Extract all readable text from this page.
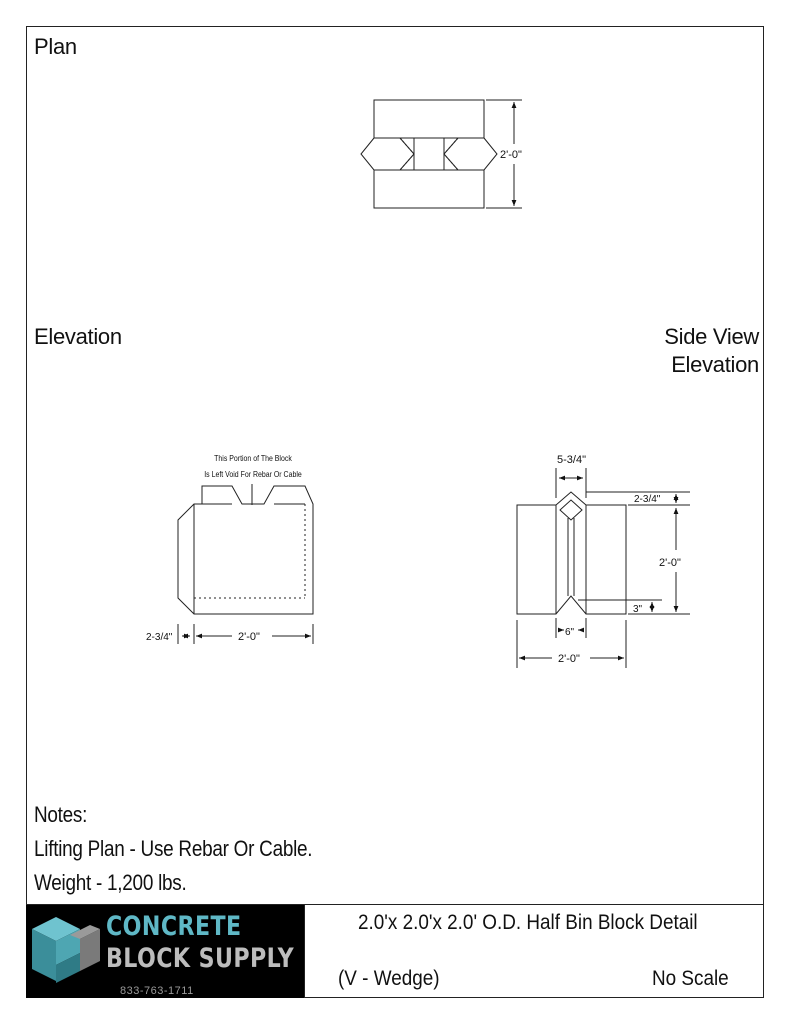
Plan
Elevation	Side View
Elevation
2'-0"
This Portion of The Block
Is Left Void For Rebar Or Cable
2-3/4"	2'-0"
5-3/4"
2-3/4"
2'-0"
3"
6"
2'-0"
Notes:
Lifting Plan - Use Rebar Or Cable.
Weight - 1,200 lbs.
CONCRETE
BLOCK SUPPLY
833-763-1711
2.0'x 2.0'x 2.0' O.D. Half Bin Block Detail
(V - Wedge)	No Scale
